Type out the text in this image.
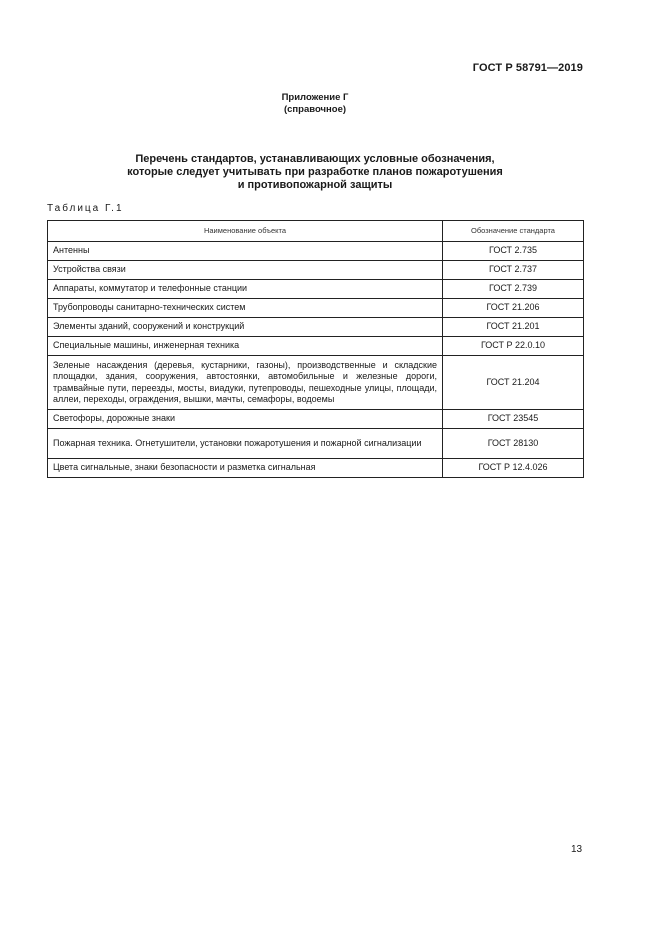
ГОСТ Р 58791—2019
Приложение Г
(справочное)
Перечень стандартов, устанавливающих условные обозначения,
которые следует учитывать при разработке планов пожаротушения
и противопожарной защиты
Таблица Г.1
Наименование объекта	Обозначение стандарта
Антенны	ГОСТ 2.735
Устройства связи	ГОСТ 2.737
Аппараты, коммутатор и телефонные станции	ГОСТ 2.739
Трубопроводы санитарно-технических систем	ГОСТ 21.206
Элементы зданий, сооружений и конструкций	ГОСТ 21.201
Специальные машины, инженерная техника	ГОСТ Р 22.0.10
Зеленые насаждения (деревья, кустарники, газоны), производственные и складские площадки, здания, сооружения, автостоянки, автомобильные и железные дороги, трамвайные пути, переезды, мосты, виадуки, путепроводы, пешеходные улицы, площади, аллеи, переходы, ограждения, вышки, мачты, семафоры, водоемы	ГОСТ 21.204
Светофоры, дорожные знаки	ГОСТ 23545
Пожарная техника. Огнетушители, установки пожаротушения и пожарной сигнализации	ГОСТ 28130
Цвета сигнальные, знаки безопасности и разметка сигнальная	ГОСТ Р 12.4.026
13
